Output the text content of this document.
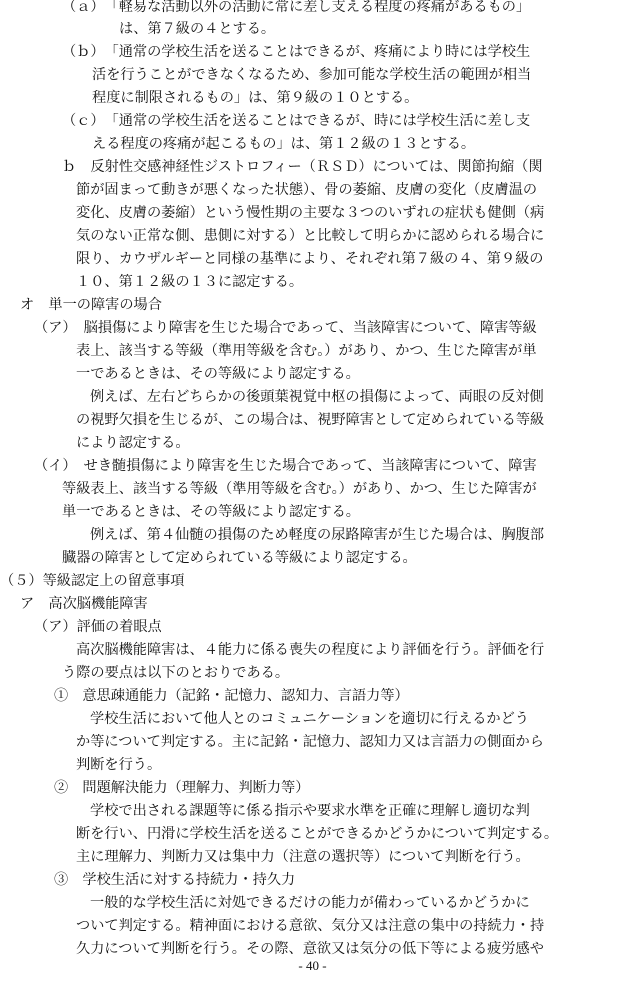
（ａ）　「軽易な活動以外の活動に常に差し支える程度の疼痛があるもの」
は、第７級の４とする。
（ｂ）　「通常の学校生活を送ることはできるが、疼痛により時には学校生
活を行うことができなくなるため、参加可能な学校生活の範囲が相当
程度に制限されるもの」は、第９級の１０とする。
（ｃ）　「通常の学校生活を送ることはできるが、時には学校生活に差し支
える程度の疼痛が起こるもの」は、第１２級の１３とする。
ｂ　反射性交感神経性ジストロフィー（ＲＳＤ）については、関節拘縮（関
節が固まって動きが悪くなった状態）、骨の萎縮、皮膚の変化（皮膚温の
変化、皮膚の萎縮）という慢性期の主要な３つのいずれの症状も健側（病
気のない正常な側、患側に対する）と比較して明らかに認められる場合に
限り、カウザルギーと同様の基準により、それぞれ第７級の４、第９級の
１０、第１２級の１３に認定する。
オ　単一の障害の場合
（ア）　脳損傷により障害を生じた場合であって、当該障害について、障害等級
表上、該当する等級（準用等級を含む。）があり、かつ、生じた障害が単
一であるときは、その等級により認定する。
例えば、左右どちらかの後頭葉視覚中枢の損傷によって、両眼の反対側
の視野欠損を生じるが、この場合は、視野障害として定められている等級
により認定する。
（イ）　せき髄損傷により障害を生じた場合であって、当該障害について、障害
等級表上、該当する等級（準用等級を含む。）があり、かつ、生じた障害が
単一であるときは、その等級により認定する。
例えば、第４仙髄の損傷のため軽度の尿路障害が生じた場合は、胸腹部
臓器の障害として定められている等級により認定する。
（５）等級認定上の留意事項
ア　高次脳機能障害
（ア）評価の着眼点
高次脳機能障害は、４能力に係る喪失の程度により評価を行う。評価を行
う際の要点は以下のとおりである。
①　意思疎通能力（記銘・記憶力、認知力、言語力等）
学校生活において他人とのコミュニケーションを適切に行えるかどう
か等について判定する。主に記銘・記憶力、認知力又は言語力の側面から
判断を行う。
②　問題解決能力（理解力、判断力等）
学校で出される課題等に係る指示や要求水準を正確に理解し適切な判
断を行い、円滑に学校生活を送ることができるかどうかについて判定する。
主に理解力、判断力又は集中力（注意の選択等）について判断を行う。
③　学校生活に対する持続力・持久力
一般的な学校生活に対処できるだけの能力が備わっているかどうかに
ついて判定する。精神面における意欲、気分又は注意の集中の持続力・持
久力について判断を行う。その際、意欲又は気分の低下等による疲労感や
- 40 -
